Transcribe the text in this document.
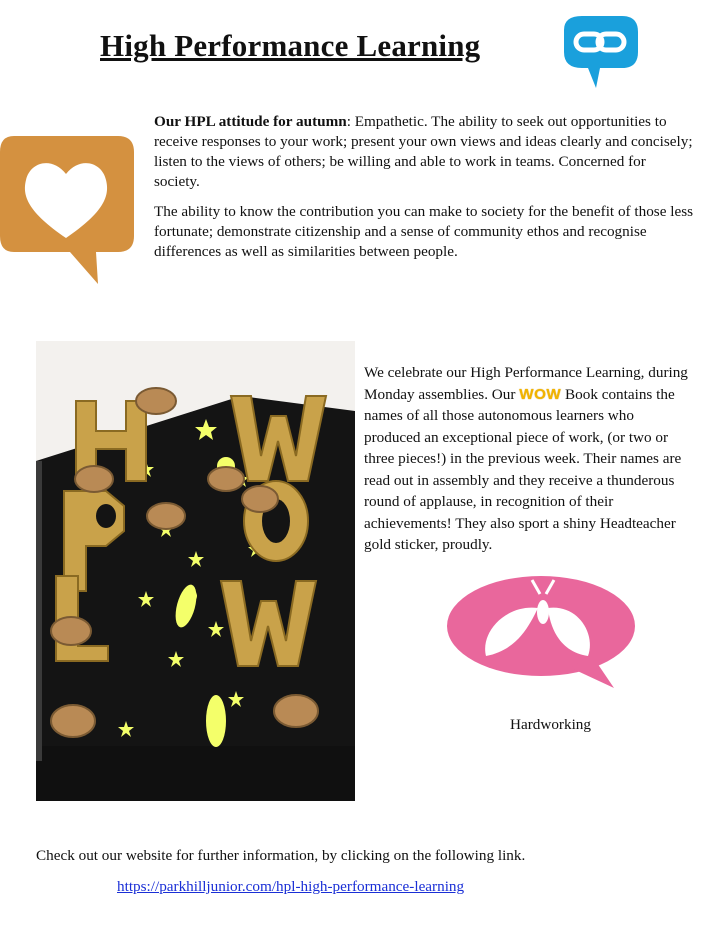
High Performance Learning

Our HPL attitude for autumn: Empathetic. The ability to seek out opportunities to receive responses to your work; present your own views and ideas clearly and concisely; listen to the views of others; be willing and able to work in teams. Concerned for society.

The ability to know the contribution you can make to society for the benefit of those less fortunate; demonstrate citizenship and a sense of community ethos and recognise differences as well as similarities between people.

We celebrate our High Performance Learning, during Monday assemblies. Our WOW Book contains the names of all those autonomous learners who produced an exceptional piece of work, (or two or three pieces!) in the previous week. Their names are read out in assembly and they receive a thunderous round of applause, in recognition of their achievements! They also sport a shiny Headteacher gold sticker, proudly.

Hardworking
Check out our website for further information, by clicking on the following link.
https://parkhilljunior.com/hpl-high-performance-learning
